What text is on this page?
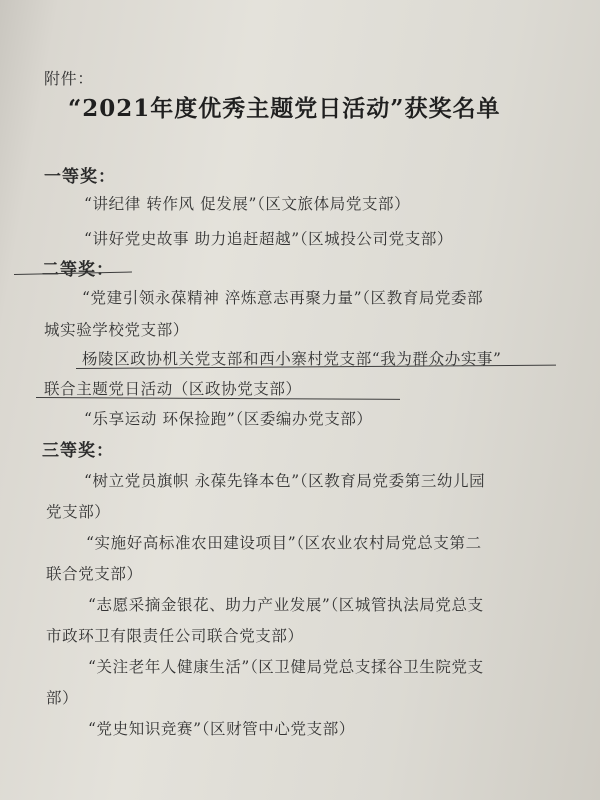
附件：
“2021年度优秀主题党日活动”获奖名单
一等奖：
“讲纪律 转作风 促发展”（区文旅体局党支部）
“讲好党史故事 助力追赶超越”（区城投公司党支部）
二等奖：
“党建引领永葆精神 淬炼意志再聚力量”（区教育局党委部
城实验学校党支部）
杨陵区政协机关党支部和西小寨村党支部“我为群众办实事”
联合主题党日活动（区政协党支部）
“乐享运动 环保捡跑”（区委编办党支部）
三等奖：
“树立党员旗帜 永葆先锋本色”（区教育局党委第三幼儿园
党支部）
“实施好高标准农田建设项目”（区农业农村局党总支第二
联合党支部）
“志愿采摘金银花、助力产业发展”（区城管执法局党总支
市政环卫有限责任公司联合党支部）
“关注老年人健康生活”（区卫健局党总支揉谷卫生院党支
部）
“党史知识竞赛”（区财管中心党支部）
